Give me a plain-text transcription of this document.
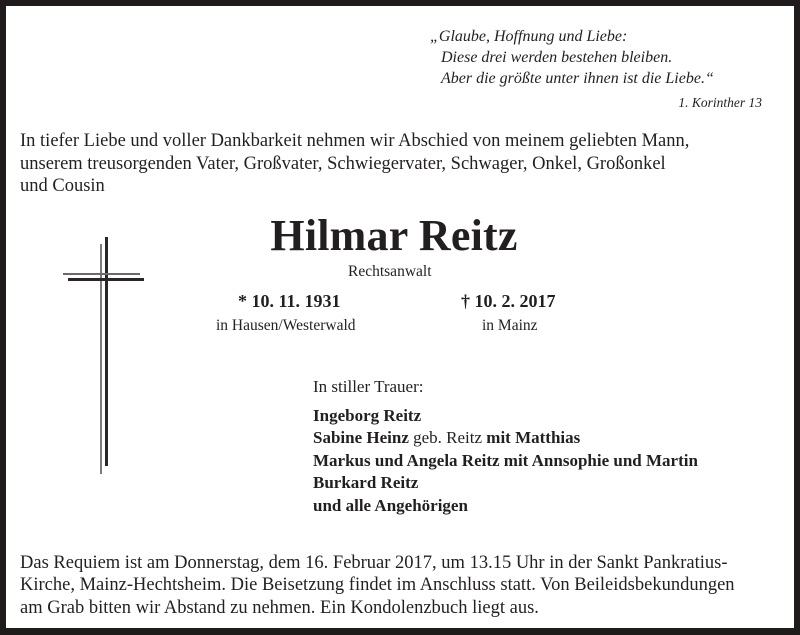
„Glaube, Hoffnung und Liebe:
Diese drei werden bestehen bleiben.
Aber die größte unter ihnen ist die Liebe.“
1. Korinther 13
In tiefer Liebe und voller Dankbarkeit nehmen wir Abschied von meinem geliebten Mann,
unserem treusorgenden Vater, Großvater, Schwiegervater, Schwager, Onkel, Großonkel
und Cousin
Hilmar Reitz
Rechtsanwalt
* 10. 11. 1931
in Hausen/Westerwald
† 10. 2. 2017
in Mainz
In stiller Trauer:
Ingeborg Reitz
Sabine Heinz geb. Reitz mit Matthias
Markus und Angela Reitz mit Annsophie und Martin
Burkard Reitz
und alle Angehörigen
Das Requiem ist am Donnerstag, dem 16. Februar 2017, um 13.15 Uhr in der Sankt Pankratius-
Kirche, Mainz-Hechtsheim. Die Beisetzung findet im Anschluss statt. Von Beileidsbekundungen
am Grab bitten wir Abstand zu nehmen. Ein Kondolenzbuch liegt aus.
